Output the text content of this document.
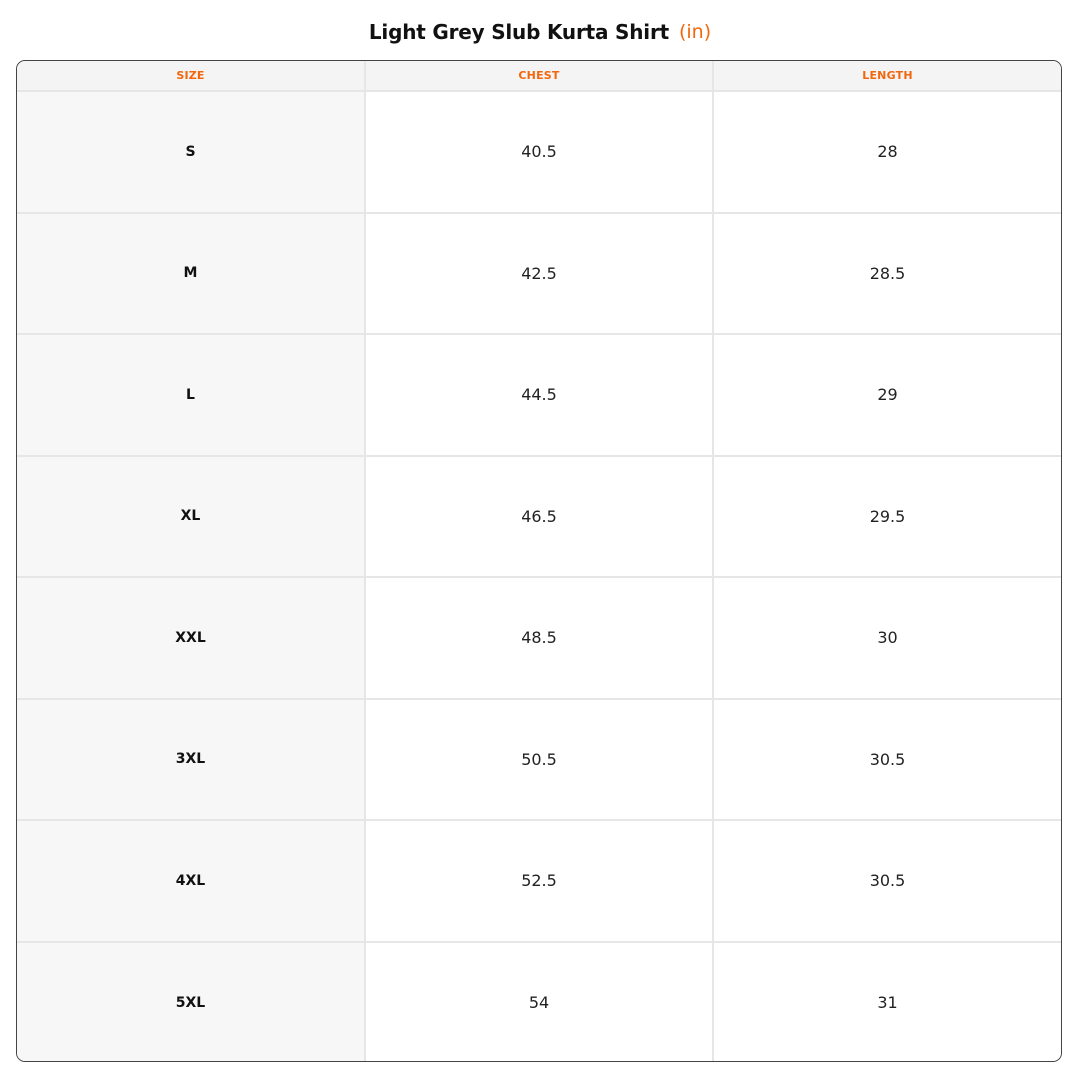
Light Grey Slub Kurta Shirt (in)
SIZE	CHEST	LENGTH
S	40.5	28
M	42.5	28.5
L	44.5	29
XL	46.5	29.5
XXL	48.5	30
3XL	50.5	30.5
4XL	52.5	30.5
5XL	54	31
